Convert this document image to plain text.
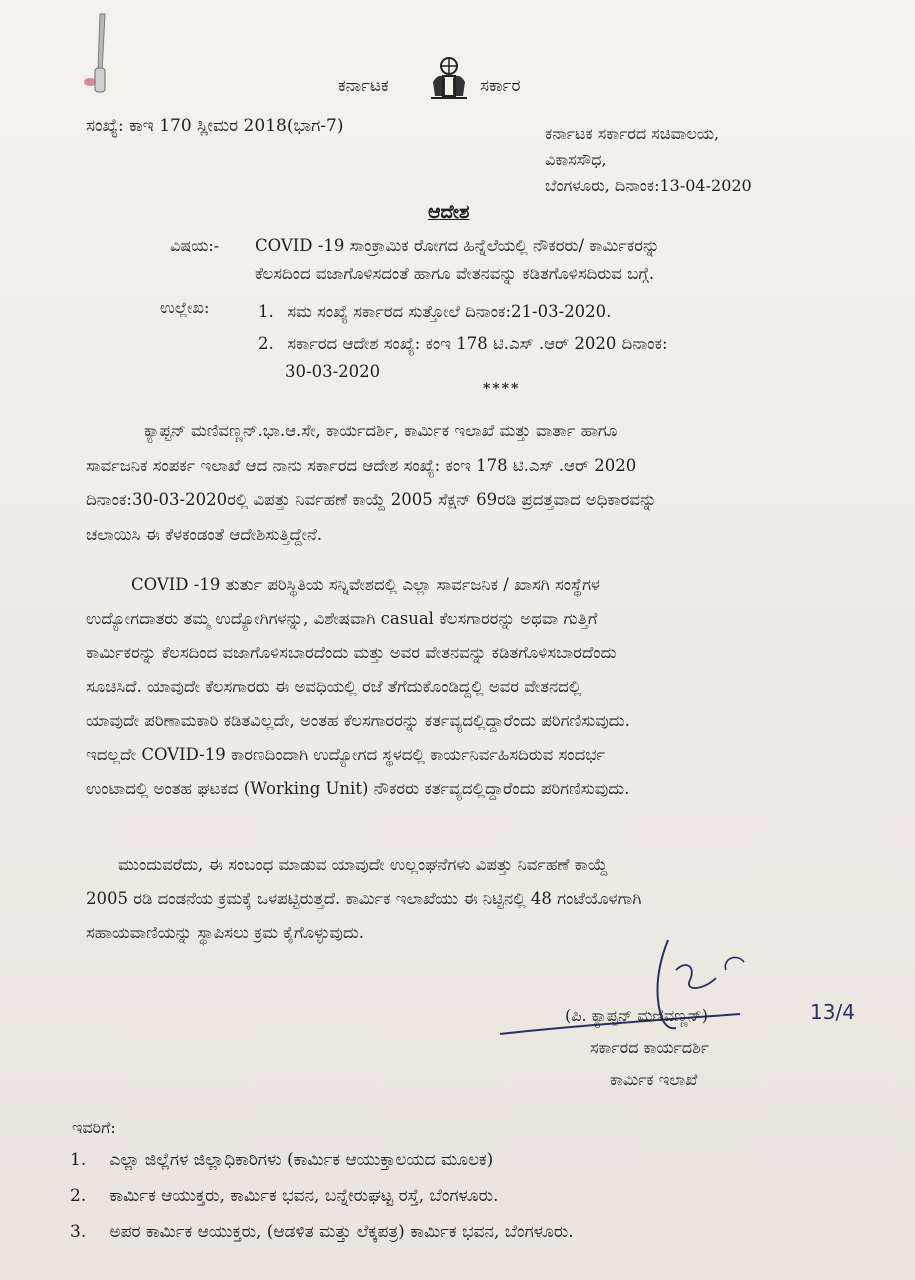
ಕರ್ನಾಟಕ	ಸರ್ಕಾರ
ಸಂಖ್ಯೆ: ಕಾಇ 170 ಸ್ಲೀಮರ 2018(ಭಾಗ-7)	ಕರ್ನಾಟಕ ಸರ್ಕಾರದ ಸಚಿವಾಲಯ,
ವಿಕಾಸಸೌಧ,
ಬೆಂಗಳೂರು, ದಿನಾಂಕ:13-04-2020
ಆದೇಶ
ವಿಷಯ:- COVID -19 ಸಾಂಕ್ರಾಮಿಕ ರೋಗದ ಹಿನ್ನೆಲೆಯಲ್ಲಿ ನೌಕರರು/ ಕಾರ್ಮಿಕರನ್ನು
ಕೆಲಸದಿಂದ ವಜಾಗೊಳಿಸದಂತೆ ಹಾಗೂ ವೇತನವನ್ನು ಕಡಿತಗೊಳಿಸದಿರುವ ಬಗ್ಗೆ.
ಉಲ್ಲೇಖ:	1. ಸಮ ಸಂಖ್ಯೆ ಸರ್ಕಾರದ ಸುತ್ತೋಲೆ ದಿನಾಂಕ:21-03-2020.
2. ಸರ್ಕಾರದ ಆದೇಶ ಸಂಖ್ಯೆ: ಕಂಇ 178 ಟಿ.ಎಸ್ .ಆರ್ 2020 ದಿನಾಂಕ:
30-03-2020
****
ಕ್ಯಾಪ್ಟನ್ ಮಣಿವಣ್ಣನ್.ಭಾ.ಆ.ಸೇ, ಕಾರ್ಯದರ್ಶಿ, ಕಾರ್ಮಿಕ ಇಲಾಖೆ ಮತ್ತು ವಾರ್ತಾ ಹಾಗೂ
ಸಾರ್ವಜನಿಕ ಸಂಪರ್ಕ ಇಲಾಖೆ ಆದ ನಾನು ಸರ್ಕಾರದ ಆದೇಶ ಸಂಖ್ಯೆ: ಕಂಇ 178 ಟಿ.ಎಸ್ .ಆರ್ 2020
ದಿನಾಂಕ:30-03-2020ರಲ್ಲಿ ವಿಪತ್ತು ನಿರ್ವಹಣೆ ಕಾಯ್ದೆ 2005 ಸೆಕ್ಷನ್ 69ರಡಿ ಪ್ರದತ್ತವಾದ ಅಧಿಕಾರವನ್ನು
ಚಲಾಯಿಸಿ ಈ ಕೆಳಕಂಡಂತೆ ಆದೇಶಿಸುತ್ತಿದ್ದೇನೆ.
COVID -19 ತುರ್ತು ಪರಿಸ್ಥಿತಿಯ ಸನ್ನಿವೇಶದಲ್ಲಿ ಎಲ್ಲಾ ಸಾರ್ವಜನಿಕ / ಖಾಸಗಿ ಸಂಸ್ಥೆಗಳ
ಉದ್ಯೋಗದಾತರು ತಮ್ಮ ಉದ್ಯೋಗಿಗಳನ್ನು, ವಿಶೇಷವಾಗಿ casual ಕೆಲಸಗಾರರನ್ನು ಅಥವಾ ಗುತ್ತಿಗೆ
ಕಾರ್ಮಿಕರನ್ನು ಕೆಲಸದಿಂದ ವಜಾಗೊಳಿಸಬಾರದೆಂದು ಮತ್ತು ಅವರ ವೇತನವನ್ನು ಕಡಿತಗೊಳಿಸಬಾರದೆಂದು
ಸೂಚಿಸಿದೆ. ಯಾವುದೇ ಕೆಲಸಗಾರರು ಈ ಅವಧಿಯಲ್ಲಿ ರಜೆ ತೆಗೆದುಕೊಂಡಿದ್ದಲ್ಲಿ ಅವರ ವೇತನದಲ್ಲಿ
ಯಾವುದೇ ಪರಿಣಾಮಕಾರಿ ಕಡಿತವಿಲ್ಲದೇ, ಅಂತಹ ಕೆಲಸಗಾರರನ್ನು ಕರ್ತವ್ಯದಲ್ಲಿದ್ದಾರೆಂದು ಪರಿಗಣಿಸುವುದು.
ಇದಲ್ಲದೇ COVID-19 ಕಾರಣದಿಂದಾಗಿ ಉದ್ಯೋಗದ ಸ್ಥಳದಲ್ಲಿ ಕಾರ್ಯನಿರ್ವಹಿಸದಿರುವ ಸಂದರ್ಭ
ಉಂಟಾದಲ್ಲಿ ಅಂತಹ ಘಟಕದ (Working Unit) ನೌಕರರು ಕರ್ತವ್ಯದಲ್ಲಿದ್ದಾರೆಂದು ಪರಿಗಣಿಸುವುದು.
ಮುಂದುವರೆದು, ಈ ಸಂಬಂಧ ಮಾಡುವ ಯಾವುದೇ ಉಲ್ಲಂಘನೆಗಳು ವಿಪತ್ತು ನಿರ್ವಹಣೆ ಕಾಯ್ದೆ
2005 ರಡಿ ದಂಡನೆಯ ಕ್ರಮಕ್ಕೆ ಒಳಪಟ್ಟಿರುತ್ತದೆ. ಕಾರ್ಮಿಕ ಇಲಾಖೆಯು ಈ ನಿಟ್ಟಿನಲ್ಲಿ 48 ಗಂಟೆಯೊಳಗಾಗಿ
ಸಹಾಯವಾಣಿಯನ್ನು ಸ್ಥಾಪಿಸಲು ಕ್ರಮ ಕೈಗೊಳ್ಳುವುದು.
(ಪಿ. ಕ್ಯಾಪ್ಟನ್ ಮಣಿವಣ್ಣನ್)	13/4
ಸರ್ಕಾರದ ಕಾರ್ಯದರ್ಶಿ
ಕಾರ್ಮಿಕ ಇಲಾಖೆ
ಇವರಿಗೆ:
1. ಎಲ್ಲಾ ಜಿಲ್ಲೆಗಳ ಜಿಲ್ಲಾಧಿಕಾರಿಗಳು (ಕಾರ್ಮಿಕ ಆಯುಕ್ತಾಲಯದ ಮೂಲಕ)
2. ಕಾರ್ಮಿಕ ಆಯುಕ್ತರು, ಕಾರ್ಮಿಕ ಭವನ, ಬನ್ನೇರುಘಟ್ಟ ರಸ್ತೆ, ಬೆಂಗಳೂರು.
3. ಅಪರ ಕಾರ್ಮಿಕ ಆಯುಕ್ತರು, (ಆಡಳಿತ ಮತ್ತು ಲೆಕ್ಕಪತ್ರ) ಕಾರ್ಮಿಕ ಭವನ, ಬೆಂಗಳೂರು.
